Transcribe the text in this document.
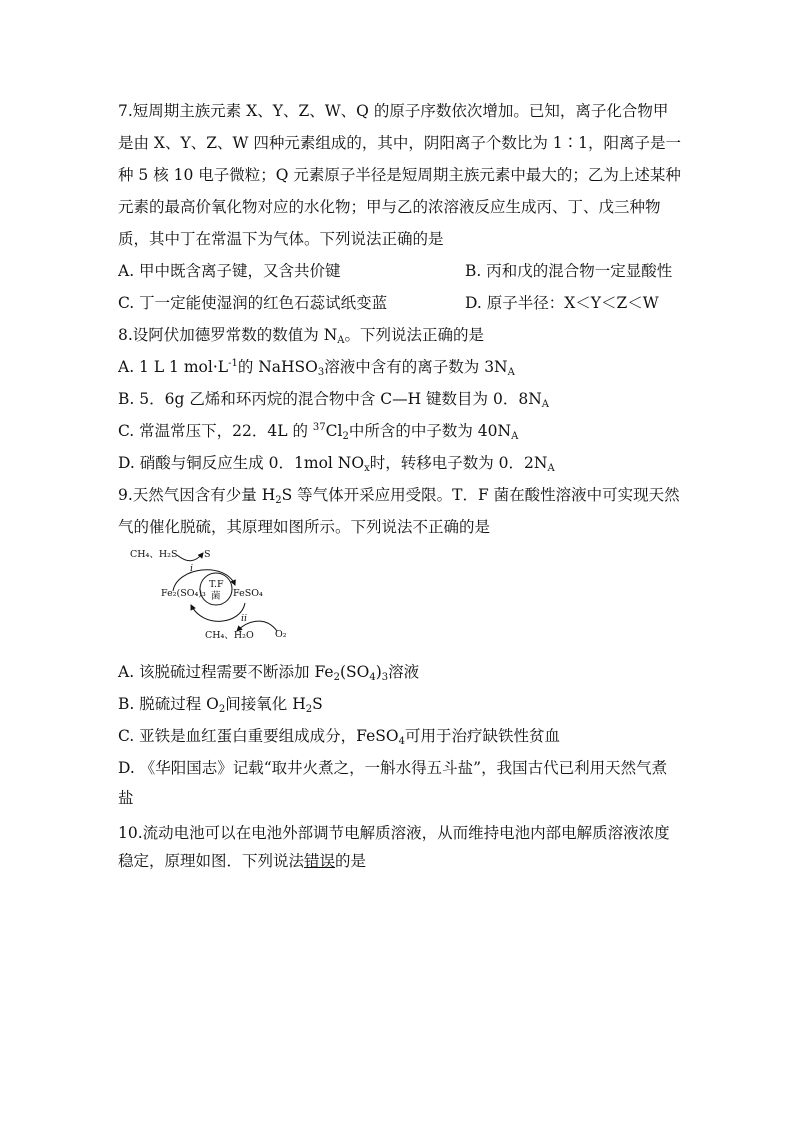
7.短周期主族元素 X、Y、Z、W、Q 的原子序数依次增加。已知，离子化合物甲
是由 X、Y、Z、W 四种元素组成的，其中，阴阳离子个数比为 1∶1，阳离子是一
种 5 核 10 电子微粒；Q 元素原子半径是短周期主族元素中最大的；乙为上述某种
元素的最高价氧化物对应的水化物；甲与乙的浓溶液反应生成丙、丁、戊三种物
质，其中丁在常温下为气体。下列说法正确的是
A. 甲中既含离子键，又含共价键	B. 丙和戊的混合物一定显酸性
C. 丁一定能使湿润的红色石蕊试纸变蓝	D. 原子半径：X＜Y＜Z＜W
8.设阿伏加德罗常数的数值为 $N_A$。下列说法正确的是
A. 1 L 1 $mol\cdot L^{-1}$的 NaHSO$_3$溶液中含有的离子数为 $3N_A$
B. 5．6g 乙烯和环丙烷的混合物中含 C—H 键数目为 0．$8N_A$
C. 常温常压下，22．4L 的 $^{37}Cl_2$中所含的中子数为 $40N_A$
D. 硝酸与铜反应生成 0．1mol $NO_x$时，转移电子数为 0．$2N_A$
9.天然气因含有少量 $H_2S$ 等气体开采应用受限。T．F 菌在酸性溶液中可实现天然
气的催化脱硫，其原理如图所示。下列说法不正确的是
CH₄、H₂S	S
i
Fe₂(SO₄)₃	FeSO₄
T.F
菌
ii
CH₄、H₂O O₂
A. 该脱硫过程需要不断添加 $Fe_2(SO_4)_3$溶液
B. 脱硫过程 $O_2$间接氧化 $H_2S$
C. 亚铁是血红蛋白重要组成成分，FeSO$_4$可用于治疗缺铁性贫血
D. 《华阳国志》记载“取井火煮之，一斛水得五斗盐”，我国古代已利用天然气煮
盐
10.流动电池可以在电池外部调节电解质溶液，从而维持电池内部电解质溶液浓度
稳定，原理如图．下列说法错误的是
